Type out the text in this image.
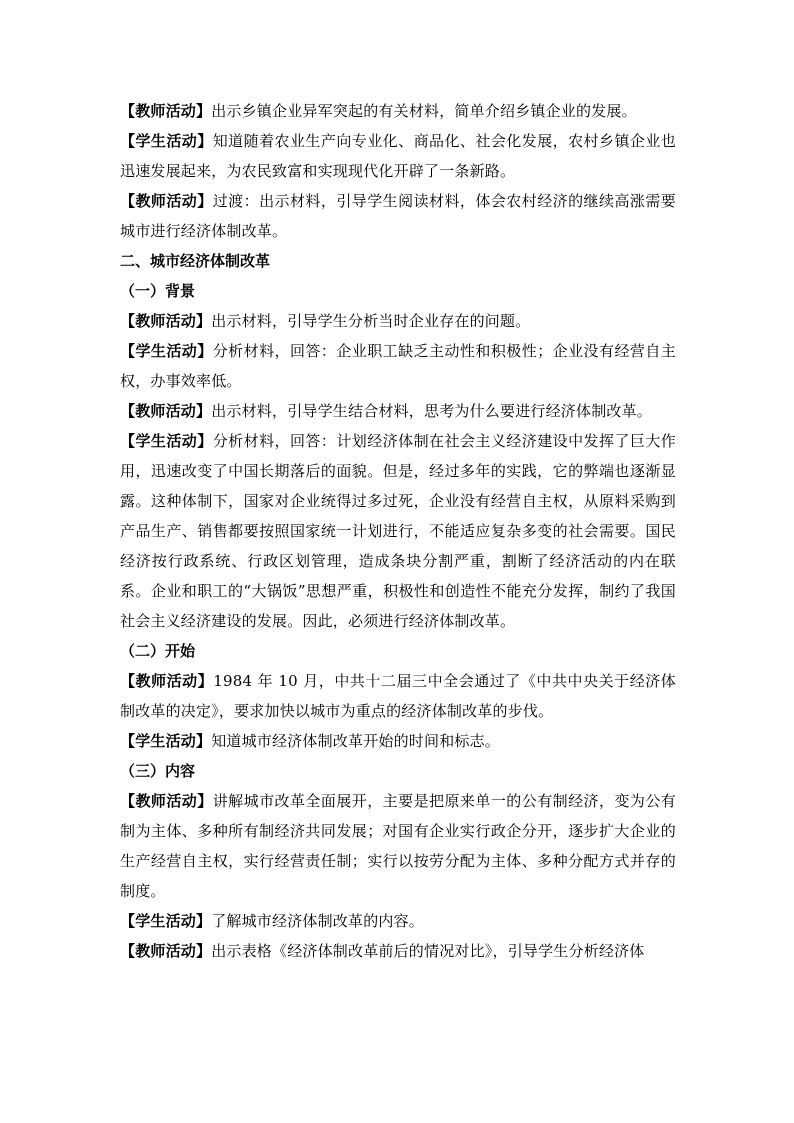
【教师活动】出示乡镇企业异军突起的有关材料，简单介绍乡镇企业的发展。

【学生活动】知道随着农业生产向专业化、商品化、社会化发展，农村乡镇企业也迅速发展起来，为农民致富和实现现代化开辟了一条新路。

【教师活动】过渡：出示材料，引导学生阅读材料，体会农村经济的继续高涨需要城市进行经济体制改革。

二、城市经济体制改革

（一）背景

【教师活动】出示材料，引导学生分析当时企业存在的问题。

【学生活动】分析材料，回答：企业职工缺乏主动性和积极性；企业没有经营自主权，办事效率低。

【教师活动】出示材料，引导学生结合材料，思考为什么要进行经济体制改革。

【学生活动】分析材料，回答：计划经济体制在社会主义经济建设中发挥了巨大作用，迅速改变了中国长期落后的面貌。但是，经过多年的实践，它的弊端也逐渐显露。这种体制下，国家对企业统得过多过死，企业没有经营自主权，从原料采购到产品生产、销售都要按照国家统一计划进行，不能适应复杂多变的社会需要。国民经济按行政系统、行政区划管理，造成条块分割严重，割断了经济活动的内在联系。企业和职工的“大锅饭”思想严重，积极性和创造性不能充分发挥，制约了我国社会主义经济建设的发展。因此，必须进行经济体制改革。

（二）开始

【教师活动】1984 年 10 月，中共十二届三中全会通过了《中共中央关于经济体制改革的决定》，要求加快以城市为重点的经济体制改革的步伐。

【学生活动】知道城市经济体制改革开始的时间和标志。

（三）内容

【教师活动】讲解城市改革全面展开，主要是把原来单一的公有制经济，变为公有制为主体、多种所有制经济共同发展；对国有企业实行政企分开，逐步扩大企业的生产经营自主权，实行经营责任制；实行以按劳分配为主体、多种分配方式并存的制度。

【学生活动】了解城市经济体制改革的内容。

【教师活动】出示表格《经济体制改革前后的情况对比》，引导学生分析经济体
